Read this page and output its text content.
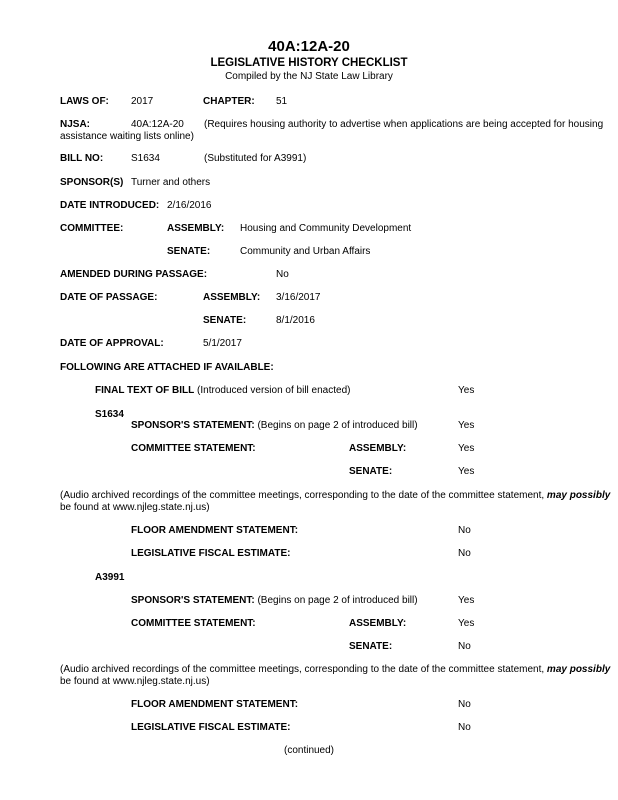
40A:12A-20
LEGISLATIVE HISTORY CHECKLIST
Compiled by the NJ State Law Library
LAWS OF: 2017	CHAPTER: 51
NJSA:	40A:12A-20 (Requires housing authority to advertise when applications are being accepted for housing
assistance waiting lists online)
BILL NO:	S1634	(Substituted for A3991)
SPONSOR(S) Turner and others
DATE INTRODUCED: 2/16/2016
COMMITTEE:	ASSEMBLY: Housing and Community Development
SENATE:	Community and Urban Affairs
AMENDED DURING PASSAGE:	No
DATE OF PASSAGE:	ASSEMBLY: 3/16/2017
SENATE:	8/1/2016
DATE OF APPROVAL:	5/1/2017
FOLLOWING ARE ATTACHED IF AVAILABLE:
FINAL TEXT OF BILL (Introduced version of bill enacted)	Yes
S1634
SPONSOR'S STATEMENT: (Begins on page 2 of introduced bill)	Yes
COMMITTEE STATEMENT:	ASSEMBLY:	Yes
SENATE:	Yes
(Audio archived recordings of the committee meetings, corresponding to the date of the committee statement, may possibly
be found at www.njleg.state.nj.us)
FLOOR AMENDMENT STATEMENT:	No
LEGISLATIVE FISCAL ESTIMATE:	No
A3991
SPONSOR'S STATEMENT: (Begins on page 2 of introduced bill)	Yes
COMMITTEE STATEMENT:	ASSEMBLY:	Yes
SENATE:	No
(Audio archived recordings of the committee meetings, corresponding to the date of the committee statement, may possibly
be found at www.njleg.state.nj.us)
FLOOR AMENDMENT STATEMENT:	No
LEGISLATIVE FISCAL ESTIMATE:	No
(continued)
